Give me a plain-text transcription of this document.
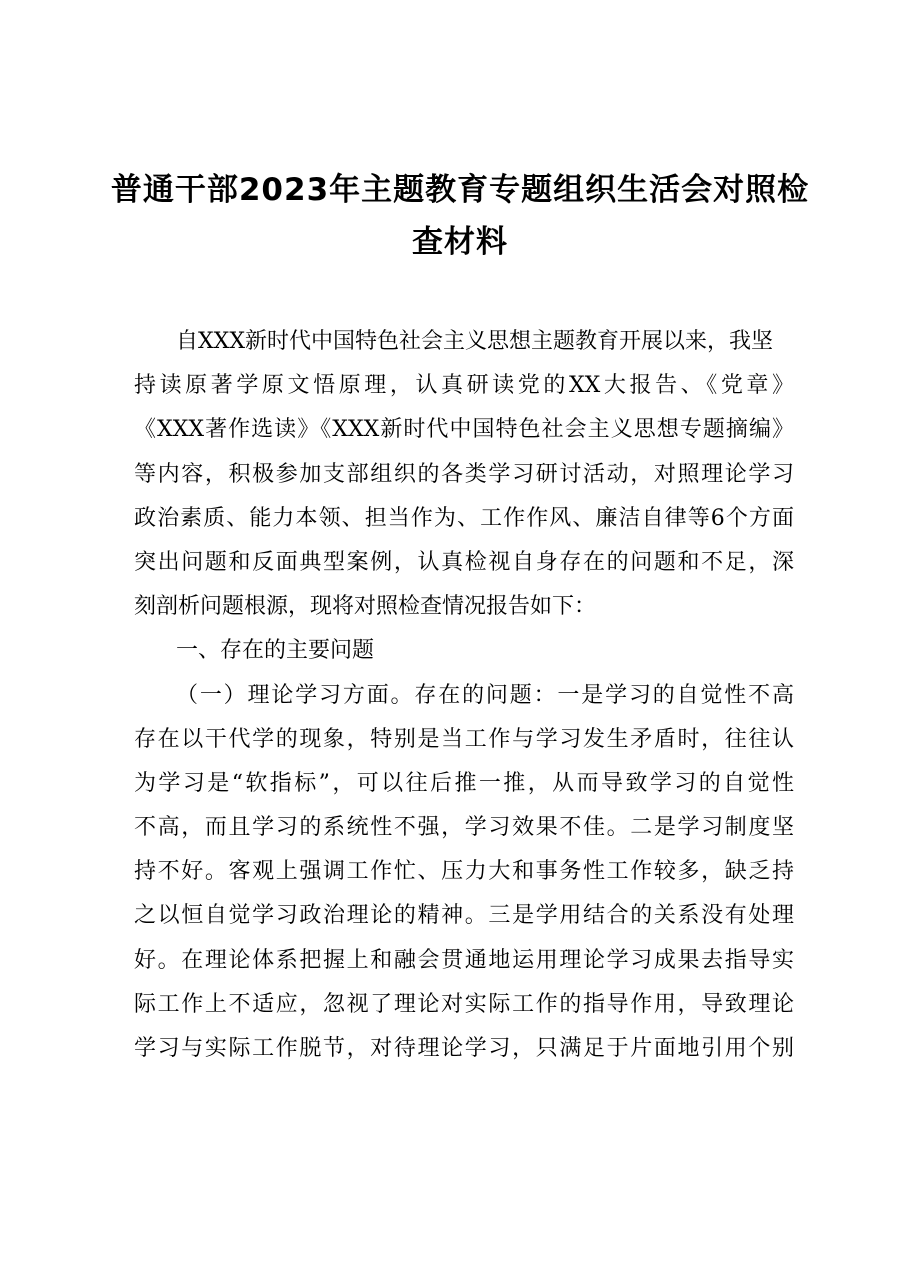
普通干部2023年主题教育专题组织生活会对照检
查材料
自XXX新时代中国特色社会主义思想主题教育开展以来，我坚
持读原著学原文悟原理，认真研读党的XX大报告、《党章》
《XXX著作选读》《XXX新时代中国特色社会主义思想专题摘编》
等内容，积极参加支部组织的各类学习研讨活动，对照理论学习
政治素质、能力本领、担当作为、工作作风、廉洁自律等6个方面
突出问题和反面典型案例，认真检视自身存在的问题和不足，深
刻剖析问题根源，现将对照检查情况报告如下：
一、存在的主要问题
（一）理论学习方面。存在的问题：一是学习的自觉性不高
存在以干代学的现象，特别是当工作与学习发生矛盾时，往往认
为学习是“软指标”，可以往后推一推，从而导致学习的自觉性
不高，而且学习的系统性不强，学习效果不佳。二是学习制度坚
持不好。客观上强调工作忙、压力大和事务性工作较多，缺乏持
之以恒自觉学习政治理论的精神。三是学用结合的关系没有处理
好。在理论体系把握上和融会贯通地运用理论学习成果去指导实
际工作上不适应，忽视了理论对实际工作的指导作用，导致理论
学习与实际工作脱节，对待理论学习，只满足于片面地引用个别
